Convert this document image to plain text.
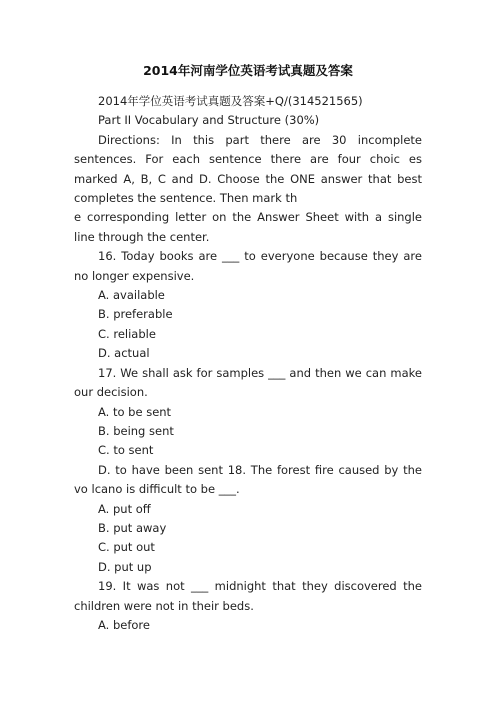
2014年河南学位英语考试真题及答案

2014年学位英语考试真题及答案+Q/(314521565)

Part II Vocabulary and Structure (30%)

Directions: In this part there are 30 incomplete sentences. For each sentence there are four choic es marked A, B, C and D. Choose the ONE answer that best completes the sentence. Then mark th

e corresponding letter on the Answer Sheet with a single line through the center.

16. Today books are ___ to everyone because they are no longer expensive.

A. available

B. preferable

C. reliable

D. actual

17. We shall ask for samples ___ and then we can make our decision.

A. to be sent

B. being sent

C. to sent

D. to have been sent 18. The forest fire caused by the vo lcano is difficult to be ___.

A. put off

B. put away

C. put out

D. put up

19. It was not ___ midnight that they discovered the children were not in their beds.

A. before
